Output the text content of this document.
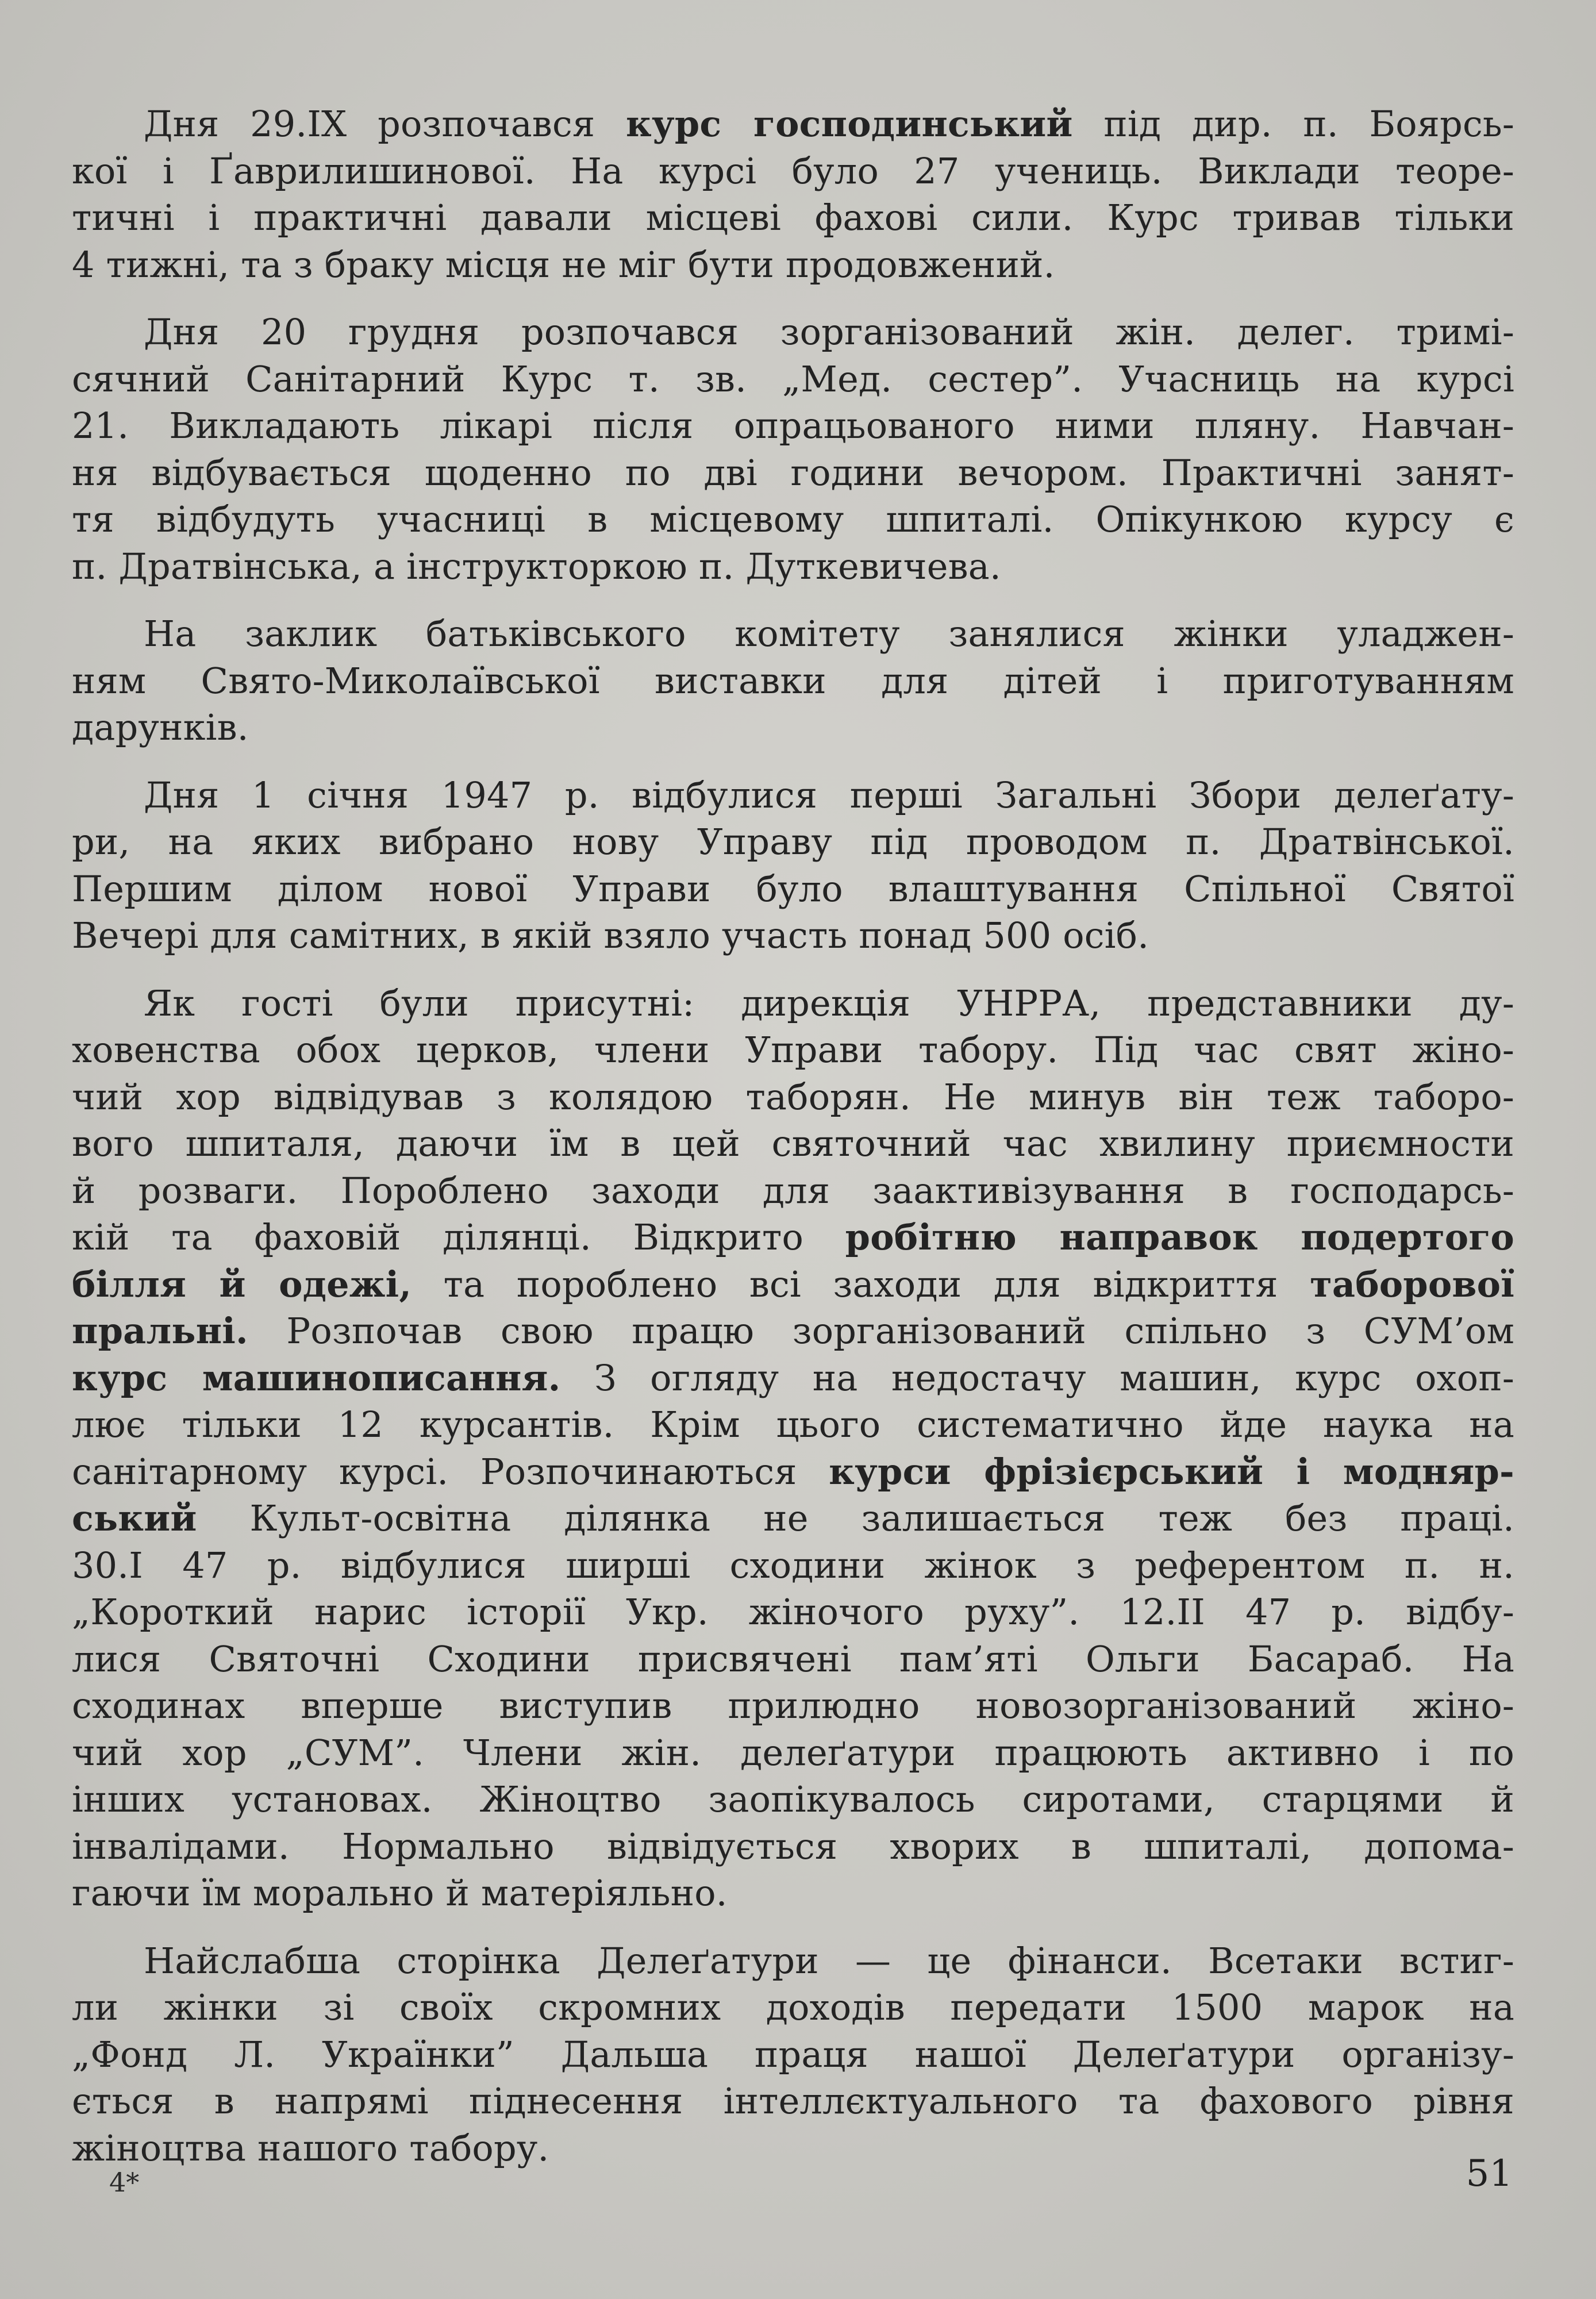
Дня 29.IX розпочався курс господинський під дир. п. Боярсь-
кої і Ґаврилишинової. На курсі було 27 учениць. Виклади теоре-
тичні і практичні давали місцеві фахові сили. Курс тривав тільки
4 тижні, та з браку місця не міг бути продовжений.

Дня 20 грудня розпочався зорганізований жін. делег. тримі-
сячний Санітарний Курс т. зв. „Мед. сестер”. Учасниць на курсі
21. Викладають лікарі після опрацьованого ними пляну. Навчан-
ня відбувається щоденно по дві години вечором. Практичні занят-
тя відбудуть учасниці в місцевому шпиталі. Опікункою курсу є
п. Дратвінська, а інструкторкою п. Дуткевичева.

На заклик батьківського комітету занялися жінки уладжен-
ням Свято-Миколаївської виставки для дітей і приготуванням
дарунків.

Дня 1 січня 1947 р. відбулися перші Загальні Збори делеґату-
ри, на яких вибрано нову Управу під проводом п. Дратвінської.
Першим ділом нової Управи було влаштування Спільної Святої
Вечері для самітних, в якій взяло участь понад 500 осіб.

Як гості були присутні: дирекція УНРРА, представники ду-
ховенства обох церков, члени Управи табору. Під час свят жіно-
чий хор відвідував з колядою таборян. Не минув він теж таборо-
вого шпиталя, даючи їм в цей святочний час хвилину приємности
й розваги. Пороблено заходи для заактивізування в господарсь-
кій та фаховій ділянці. Відкрито робітню направок подертого
білля й одежі, та пороблено всі заходи для відкриття таборової
пральні. Розпочав свою працю зорганізований спільно з СУМ’ом
курс машинописання. З огляду на недостачу машин, курс охоп-
лює тільки 12 курсантів. Крім цього систематично йде наука на
санітарному курсі. Розпочинаються курси фрізієрський і модняр-
ський Культ-освітна ділянка не залишається теж без праці.
30.І 47 р. відбулися ширші сходини жінок з референтом п. н.
„Короткий нарис історії Укр. жіночого руху”. 12.II 47 р. відбу-
лися Святочні Сходини присвячені пам’яті Ольги Басараб. На
сходинах вперше виступив прилюдно новозорганізований жіно-
чий хор „СУМ”. Члени жін. делеґатури працюють активно і по
інших установах. Жіноцтво заопікувалось сиротами, старцями й
інвалідами. Нормально відвідується хворих в шпиталі, допома-
гаючи їм морально й матеріяльно.

Найслабша сторінка Делеґатури — це фінанси. Всетаки встиг-
ли жінки зі своїх скромних доходів передати 1500 марок на
„Фонд Л. Українки” Дальша праця нашої Делеґатури організу-
ється в напрямі піднесення інтеллєктуального та фахового рівня
жіноцтва нашого табору.

4*	51
